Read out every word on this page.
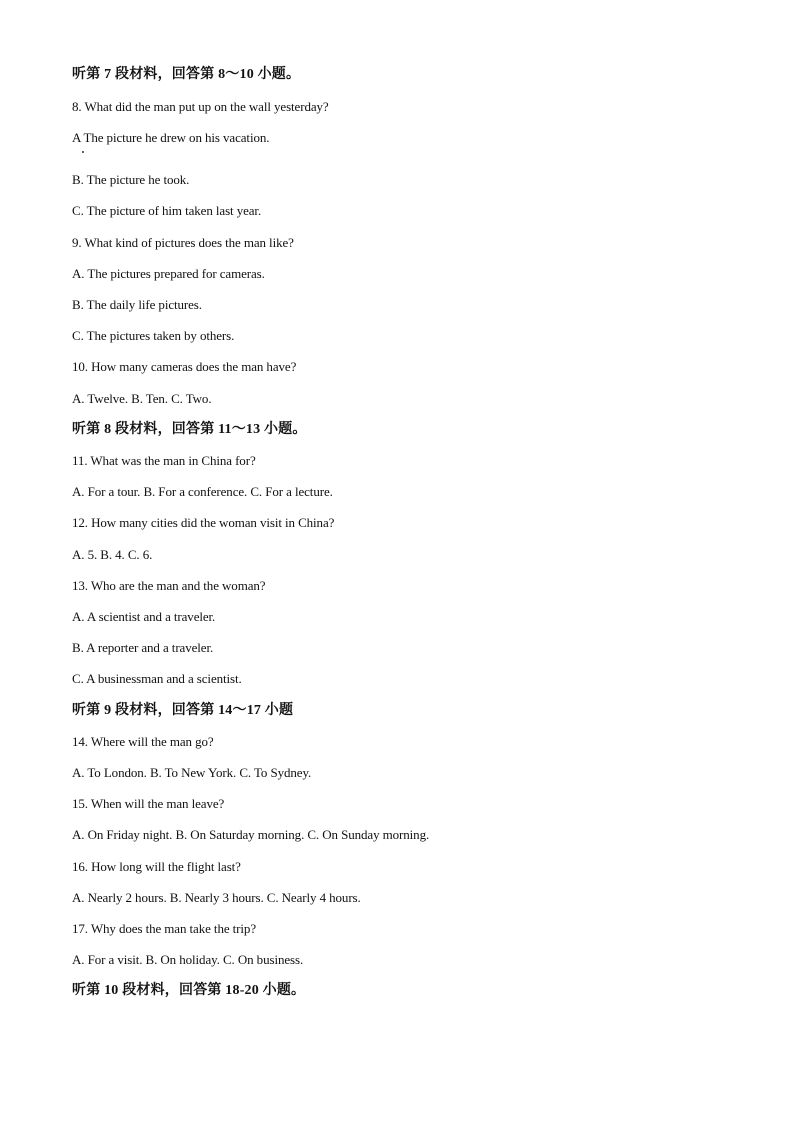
听第 7 段材料，回答第 8～10 小题。
8. What did the man put up on the wall yesterday?
A The picture he drew on his vacation.
B. The picture he took.
C. The picture of him taken last year.
9. What kind of pictures does the man like?
A. The pictures prepared for cameras.
B. The daily life pictures.
C. The pictures taken by others.
10. How many cameras does the man have?
A. Twelve. B. Ten. C. Two.
听第 8 段材料，回答第 11～13 小题。
11. What was the man in China for?
A. For a tour. B. For a conference. C. For a lecture.
12. How many cities did the woman visit in China?
A. 5. B. 4. C. 6.
13. Who are the man and the woman?
A. A scientist and a traveler.
B. A reporter and a traveler.
C. A businessman and a scientist.
听第 9 段材料，回答第 14～17 小题
14. Where will the man go?
A. To London. B. To New York. C. To Sydney.
15. When will the man leave?
A. On Friday night. B. On Saturday morning. C. On Sunday morning.
16. How long will the flight last?
A. Nearly 2 hours. B. Nearly 3 hours. C. Nearly 4 hours.
17. Why does the man take the trip?
A. For a visit. B. On holiday. C. On business.
听第 10 段材料，回答第 18-20 小题。
